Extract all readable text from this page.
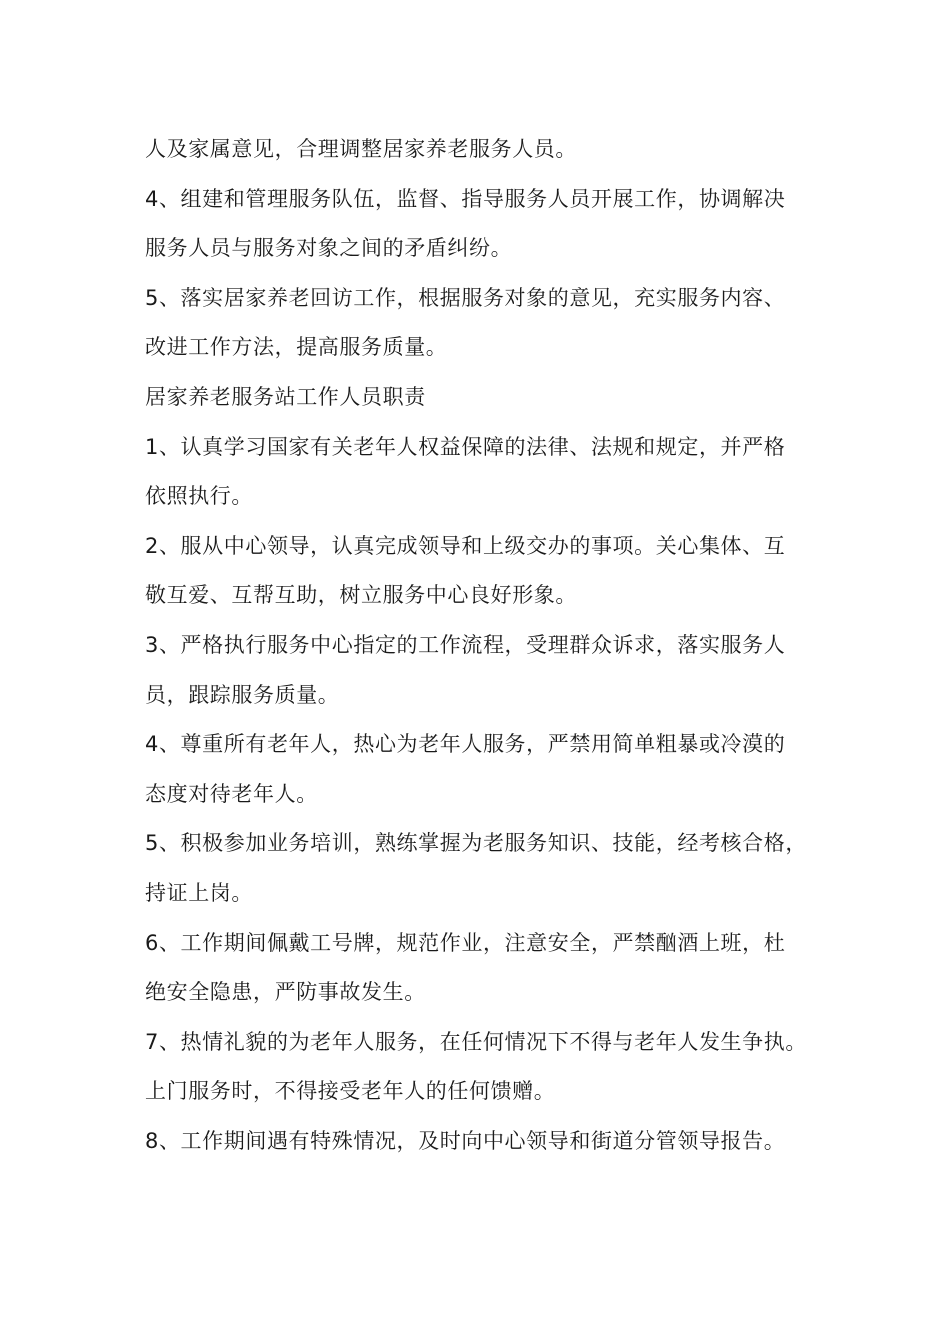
人及家属意见，合理调整居家养老服务人员。
4、组建和管理服务队伍，监督、指导服务人员开展工作，协调解决
服务人员与服务对象之间的矛盾纠纷。
5、落实居家养老回访工作，根据服务对象的意见，充实服务内容、
改进工作方法，提高服务质量。
居家养老服务站工作人员职责
1、认真学习国家有关老年人权益保障的法律、法规和规定，并严格
依照执行。
2、服从中心领导，认真完成领导和上级交办的事项。关心集体、互
敬互爱、互帮互助，树立服务中心良好形象。
3、严格执行服务中心指定的工作流程，受理群众诉求，落实服务人
员，跟踪服务质量。
4、尊重所有老年人，热心为老年人服务，严禁用简单粗暴或冷漠的
态度对待老年人。
5、积极参加业务培训，熟练掌握为老服务知识、技能，经考核合格，
持证上岗。
6、工作期间佩戴工号牌，规范作业，注意安全，严禁酗酒上班，杜
绝安全隐患，严防事故发生。
7、热情礼貌的为老年人服务，在任何情况下不得与老年人发生争执。
上门服务时，不得接受老年人的任何馈赠。
8、工作期间遇有特殊情况，及时向中心领导和街道分管领导报告。
